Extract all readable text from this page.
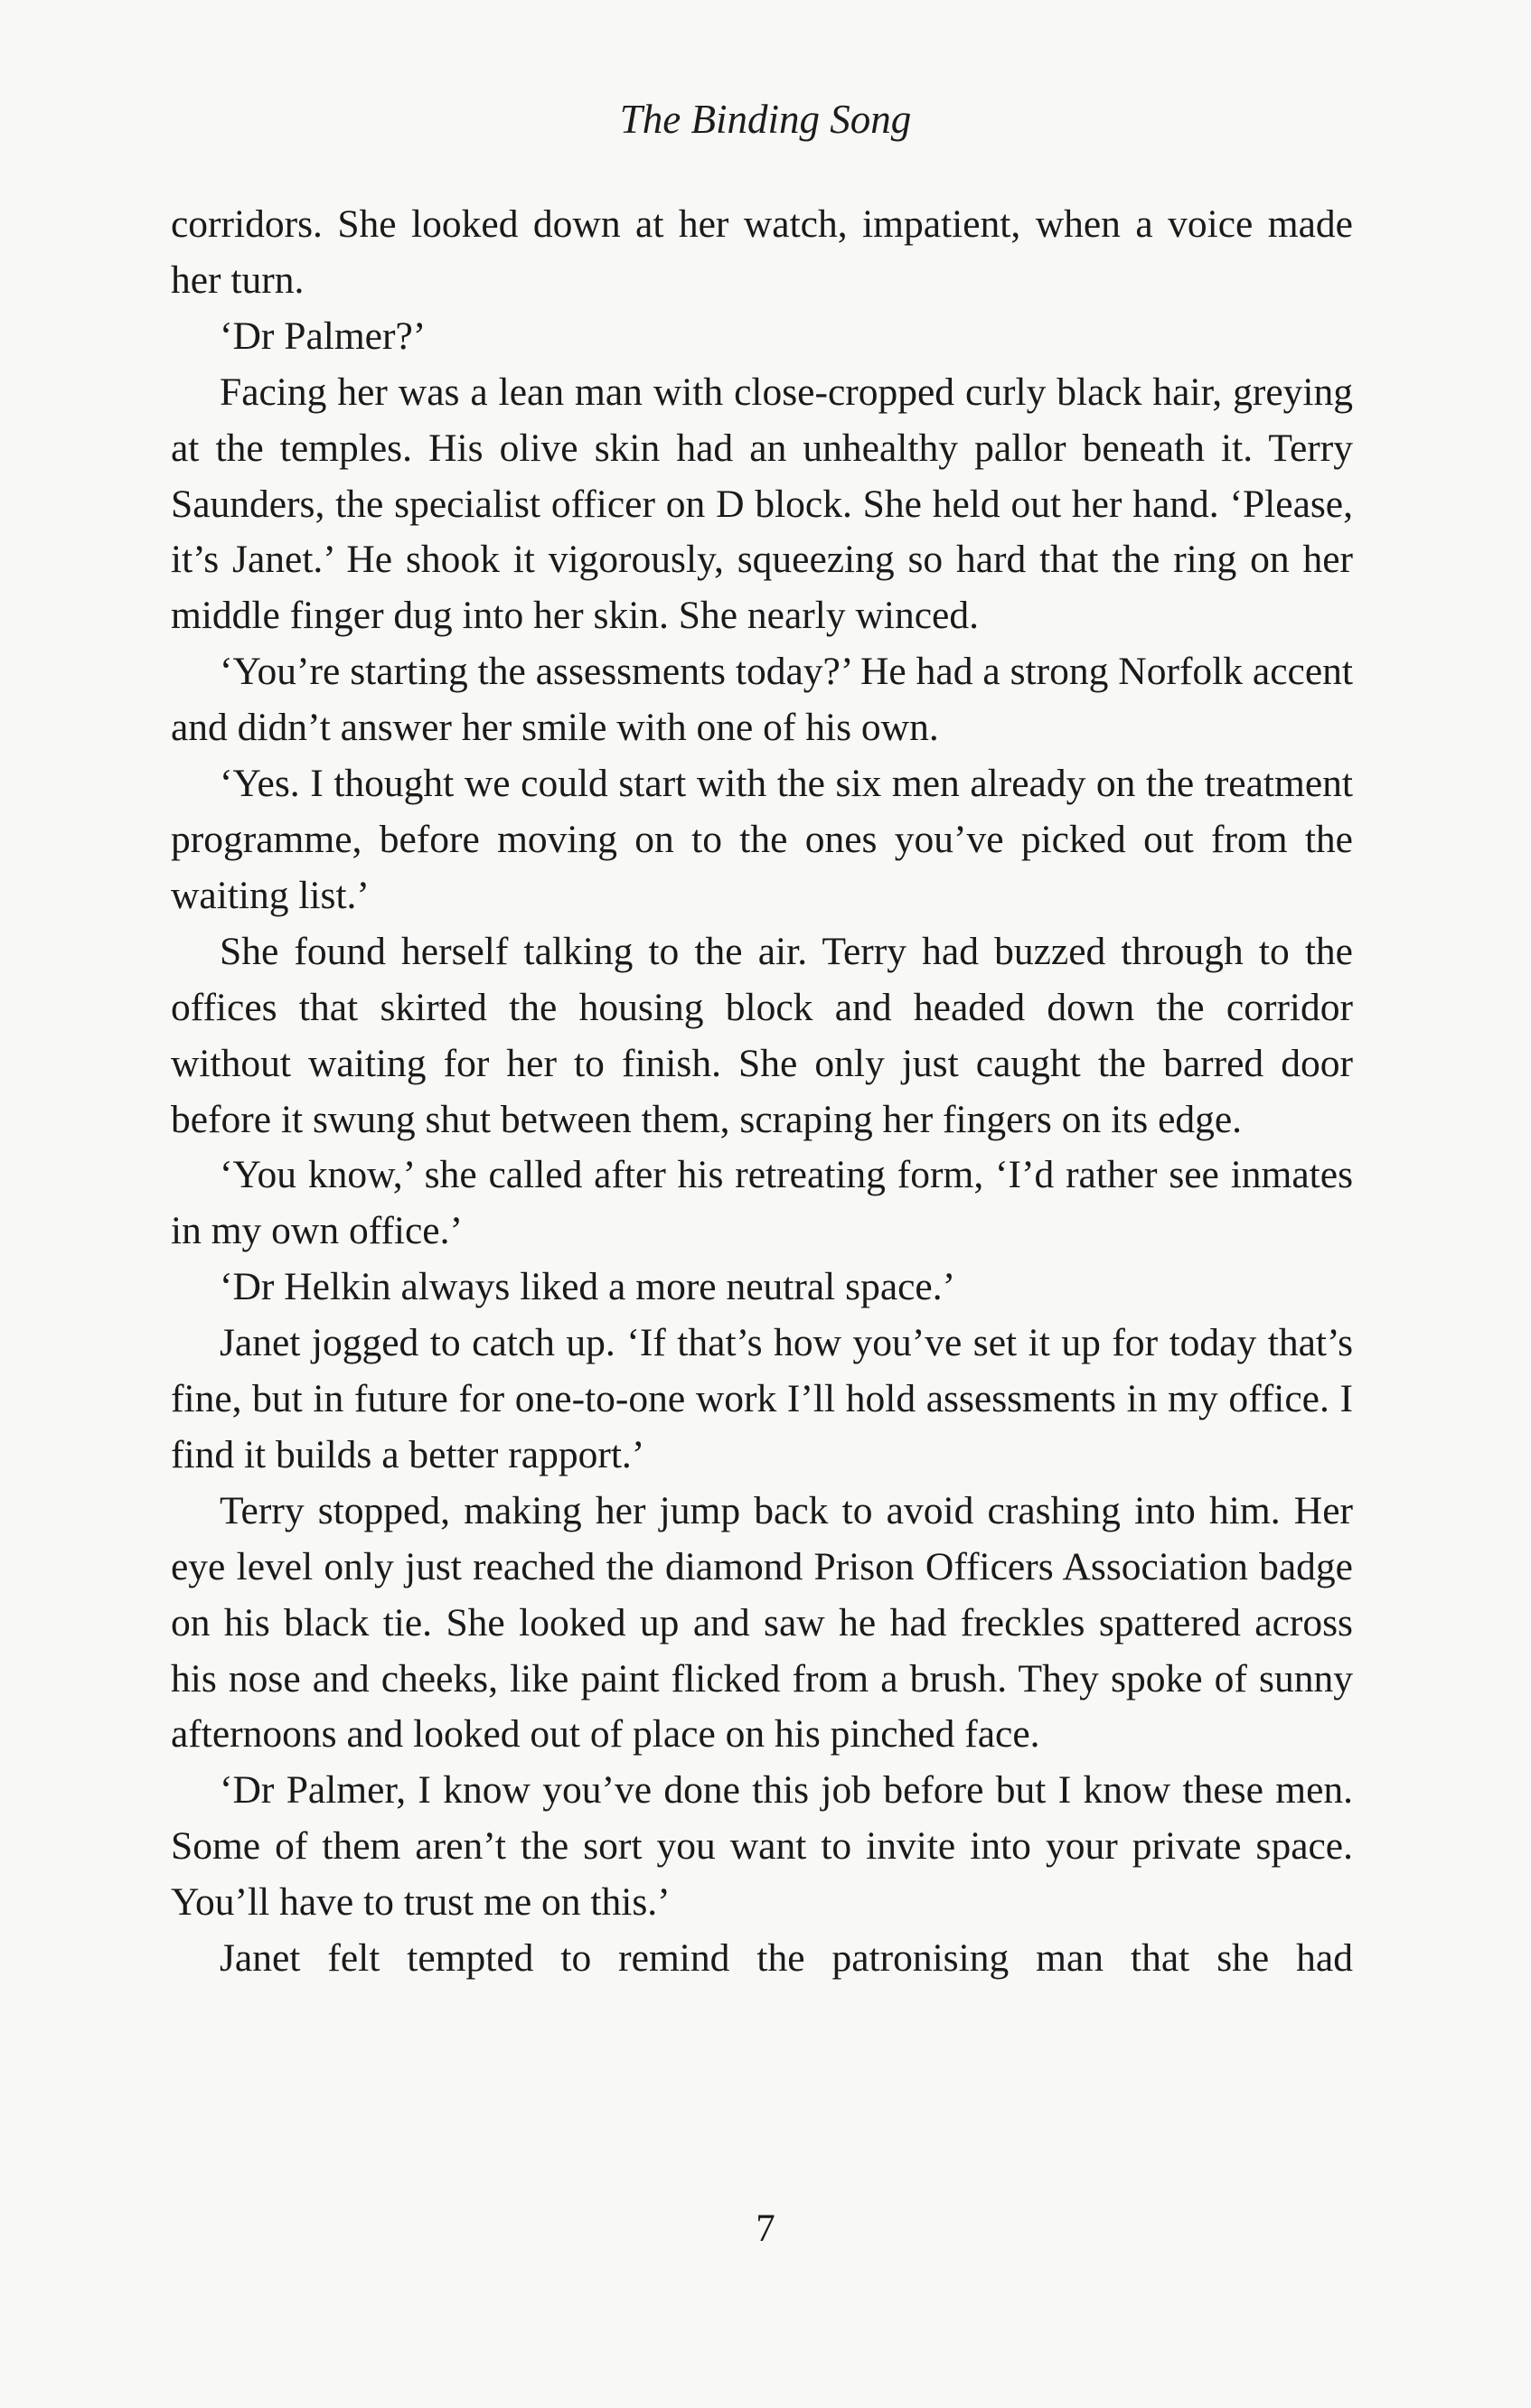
The Binding Song

corridors. She looked down at her watch, impatient, when a voice made her turn.

‘Dr Palmer?’

Facing her was a lean man with close-cropped curly black hair, greying at the temples. His olive skin had an unhealthy pallor beneath it. Terry Saunders, the specialist officer on D block. She held out her hand. ‘Please, it’s Janet.’ He shook it vigorously, squeezing so hard that the ring on her middle finger dug into her skin. She nearly winced.

‘You’re starting the assessments today?’ He had a strong Norfolk accent and didn’t answer her smile with one of his own.

‘Yes. I thought we could start with the six men already on the treatment programme, before moving on to the ones you’ve picked out from the waiting list.’

She found herself talking to the air. Terry had buzzed through to the offices that skirted the housing block and headed down the corridor without waiting for her to finish. She only just caught the barred door before it swung shut between them, scraping her fingers on its edge.

‘You know,’ she called after his retreating form, ‘I’d rather see inmates in my own office.’

‘Dr Helkin always liked a more neutral space.’

Janet jogged to catch up. ‘If that’s how you’ve set it up for today that’s fine, but in future for one-to-one work I’ll hold assessments in my office. I find it builds a better rapport.’

Terry stopped, making her jump back to avoid crashing into him. Her eye level only just reached the diamond Prison Officers Association badge on his black tie. She looked up and saw he had freckles spattered across his nose and cheeks, like paint flicked from a brush. They spoke of sunny afternoons and looked out of place on his pinched face.

‘Dr Palmer, I know you’ve done this job before but I know these men. Some of them aren’t the sort you want to invite into your private space. You’ll have to trust me on this.’

Janet felt tempted to remind the patronising man that she had

7
